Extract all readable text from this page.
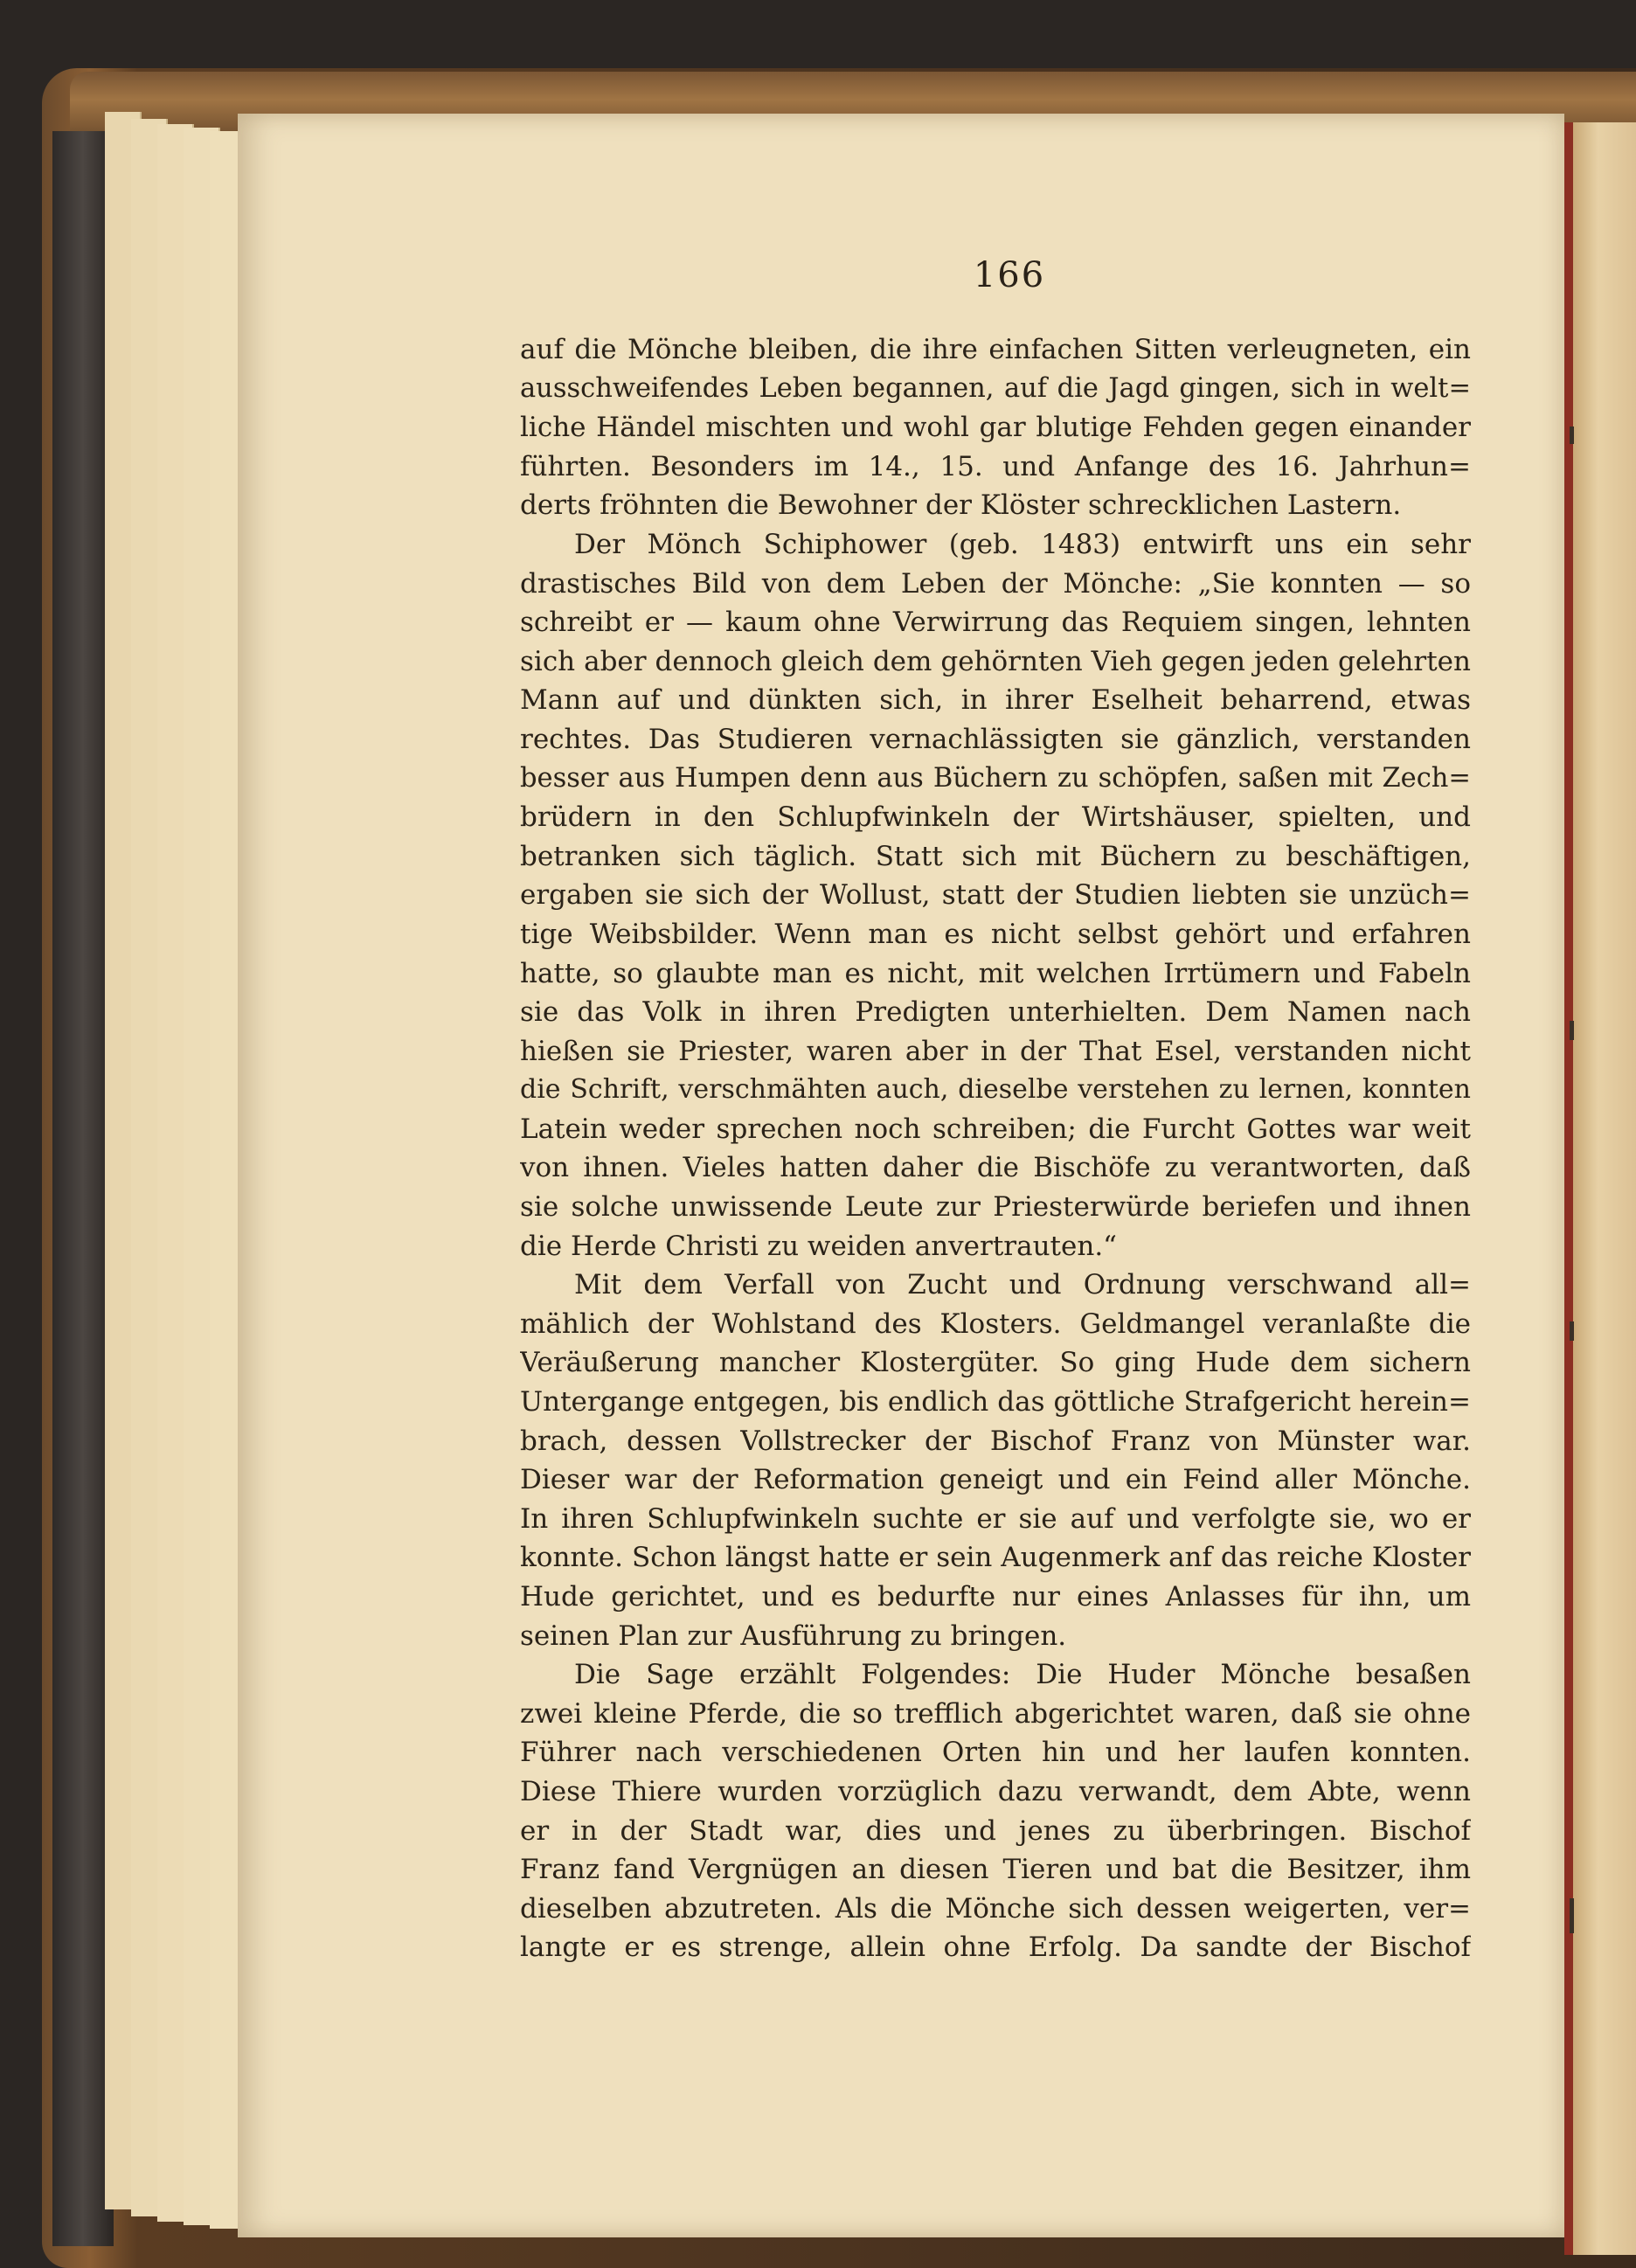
166
auf die Mönche bleiben, die ihre einfachen Sitten verleugneten, ein
ausschweifendes Leben begannen, auf die Jagd gingen, sich in welt=
liche Händel mischten und wohl gar blutige Fehden gegen einander
führten. Besonders im 14., 15. und Anfange des 16. Jahrhun=
derts fröhnten die Bewohner der Klöster schrecklichen Lastern.
Der Mönch Schiphower (geb. 1483) entwirft uns ein sehr
drastisches Bild von dem Leben der Mönche: „Sie konnten — so
schreibt er — kaum ohne Verwirrung das Requiem singen, lehnten
sich aber dennoch gleich dem gehörnten Vieh gegen jeden gelehrten
Mann auf und dünkten sich, in ihrer Eselheit beharrend, etwas
rechtes. Das Studieren vernachlässigten sie gänzlich, verstanden
besser aus Humpen denn aus Büchern zu schöpfen, saßen mit Zech=
brüdern in den Schlupfwinkeln der Wirtshäuser, spielten, und
betranken sich täglich. Statt sich mit Büchern zu beschäftigen,
ergaben sie sich der Wollust, statt der Studien liebten sie unzüch=
tige Weibsbilder. Wenn man es nicht selbst gehört und erfahren
hatte, so glaubte man es nicht, mit welchen Irrtümern und Fabeln
sie das Volk in ihren Predigten unterhielten. Dem Namen nach
hießen sie Priester, waren aber in der That Esel, verstanden nicht
die Schrift, verschmähten auch, dieselbe verstehen zu lernen, konnten
Latein weder sprechen noch schreiben; die Furcht Gottes war weit
von ihnen. Vieles hatten daher die Bischöfe zu verantworten, daß
sie solche unwissende Leute zur Priesterwürde beriefen und ihnen
die Herde Christi zu weiden anvertrauten.“
Mit dem Verfall von Zucht und Ordnung verschwand all=
mählich der Wohlstand des Klosters. Geldmangel veranlaßte die
Veräußerung mancher Klostergüter. So ging Hude dem sichern
Untergange entgegen, bis endlich das göttliche Strafgericht herein=
brach, dessen Vollstrecker der Bischof Franz von Münster war.
Dieser war der Reformation geneigt und ein Feind aller Mönche.
In ihren Schlupfwinkeln suchte er sie auf und verfolgte sie, wo er
konnte. Schon längst hatte er sein Augenmerk anf das reiche Kloster
Hude gerichtet, und es bedurfte nur eines Anlasses für ihn, um
seinen Plan zur Ausführung zu bringen.
Die Sage erzählt Folgendes: Die Huder Mönche besaßen
zwei kleine Pferde, die so trefflich abgerichtet waren, daß sie ohne
Führer nach verschiedenen Orten hin und her laufen konnten.
Diese Thiere wurden vorzüglich dazu verwandt, dem Abte, wenn
er in der Stadt war, dies und jenes zu überbringen. Bischof
Franz fand Vergnügen an diesen Tieren und bat die Besitzer, ihm
dieselben abzutreten. Als die Mönche sich dessen weigerten, ver=
langte er es strenge, allein ohne Erfolg. Da sandte der Bischof
